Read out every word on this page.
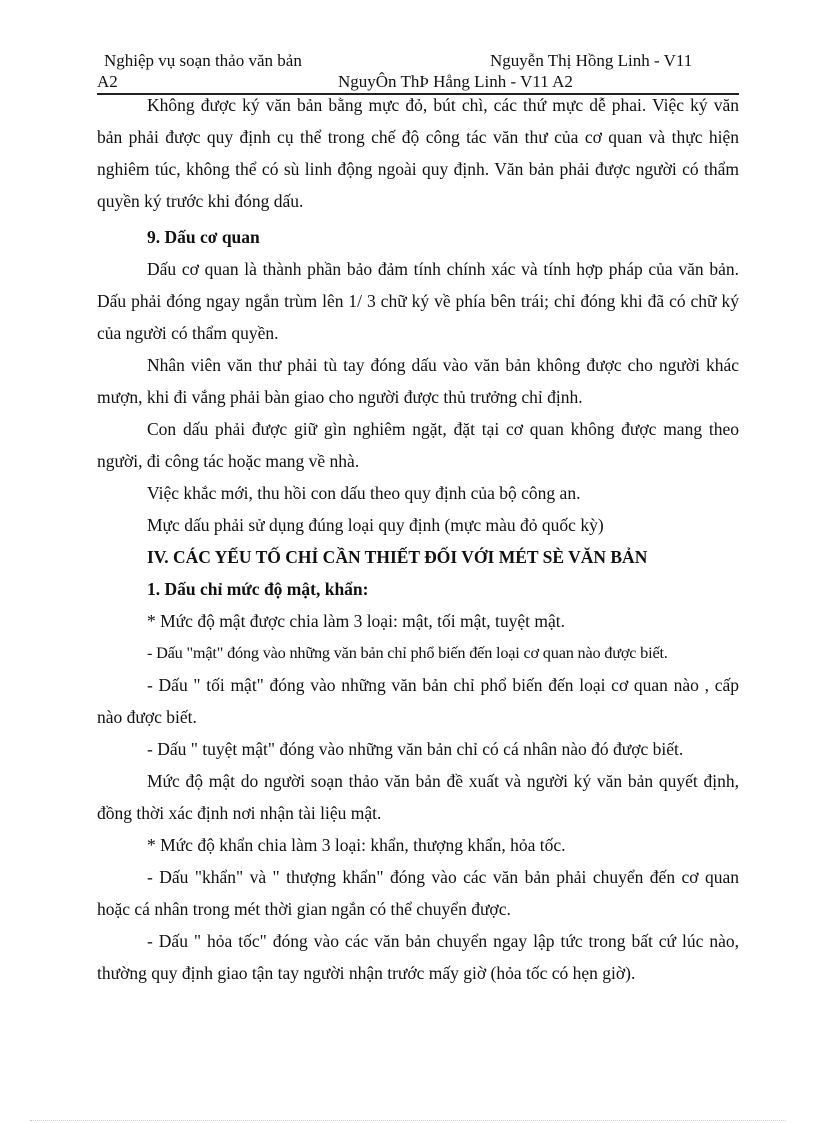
Nghiệp vụ soạn thảo văn bản	Nguyễn Thị Hồng Linh - V11
A2	NguyÔn ThÞ Hång Linh - V11 A2
Không được ký văn bản bằng mực đỏ, bút chì, các thứ mực dễ phai. Việc ký văn bản phải được quy định cụ thể trong chế độ công tác văn thư của cơ quan và thực hiện nghiêm túc, không thể có sù linh động ngoài quy định. Văn bản phải được người có thẩm quyền ký trước khi đóng dấu.
9. Dấu cơ quan
Dấu cơ quan là thành phần bảo đảm tính chính xác và tính hợp pháp của văn bản. Dấu phải đóng ngay ngắn trùm lên 1/ 3 chữ ký về phía bên trái; chỉ đóng khi đã có chữ ký của người có thẩm quyền.
Nhân viên văn thư phải tù tay đóng dấu vào văn bản không được cho người khác mượn, khi đi vắng phải bàn giao cho người được thủ trưởng chỉ định.
Con dấu phải được giữ gìn nghiêm ngặt, đặt tại cơ quan không được mang theo người, đi công tác hoặc mang về nhà.
Việc khắc mới, thu hồi con dấu theo quy định của bộ công an.
Mực dấu phải sử dụng đúng loại quy định (mực màu đỏ quốc kỳ)
IV. CÁC YẾU TỐ CHỈ CẦN THIẾT ĐỐI VỚI MÉT SÈ VĂN BẢN
1. Dấu chỉ mức độ mật, khẩn:
* Mức độ mật được chia làm 3 loại: mật, tối mật, tuyệt mật.
- Dấu "mật" đóng vào những văn bản chỉ phổ biến đến loại cơ quan nào được biết.
- Dấu " tối mật" đóng vào những văn bản chỉ phổ biến đến loại cơ quan nào , cấp nào được biết.
- Dấu " tuyệt mật" đóng vào những văn bản chỉ có cá nhân nào đó được biết.
Mức độ mật do người soạn thảo văn bản đề xuất và người ký văn bản quyết định, đồng thời xác định nơi nhận tài liệu mật.
* Mức độ khẩn chia làm 3 loại: khẩn, thượng khẩn, hỏa tốc.
- Dấu "khẩn" và " thượng khẩn" đóng vào các văn bản phải chuyển đến cơ quan hoặc cá nhân trong mét thời gian ngắn có thể chuyển được.
- Dấu " hỏa tốc" đóng vào các văn bản chuyển ngay lập tức trong bất cứ lúc nào, thường quy định giao tận tay người nhận trước mấy giờ (hỏa tốc có hẹn giờ).
